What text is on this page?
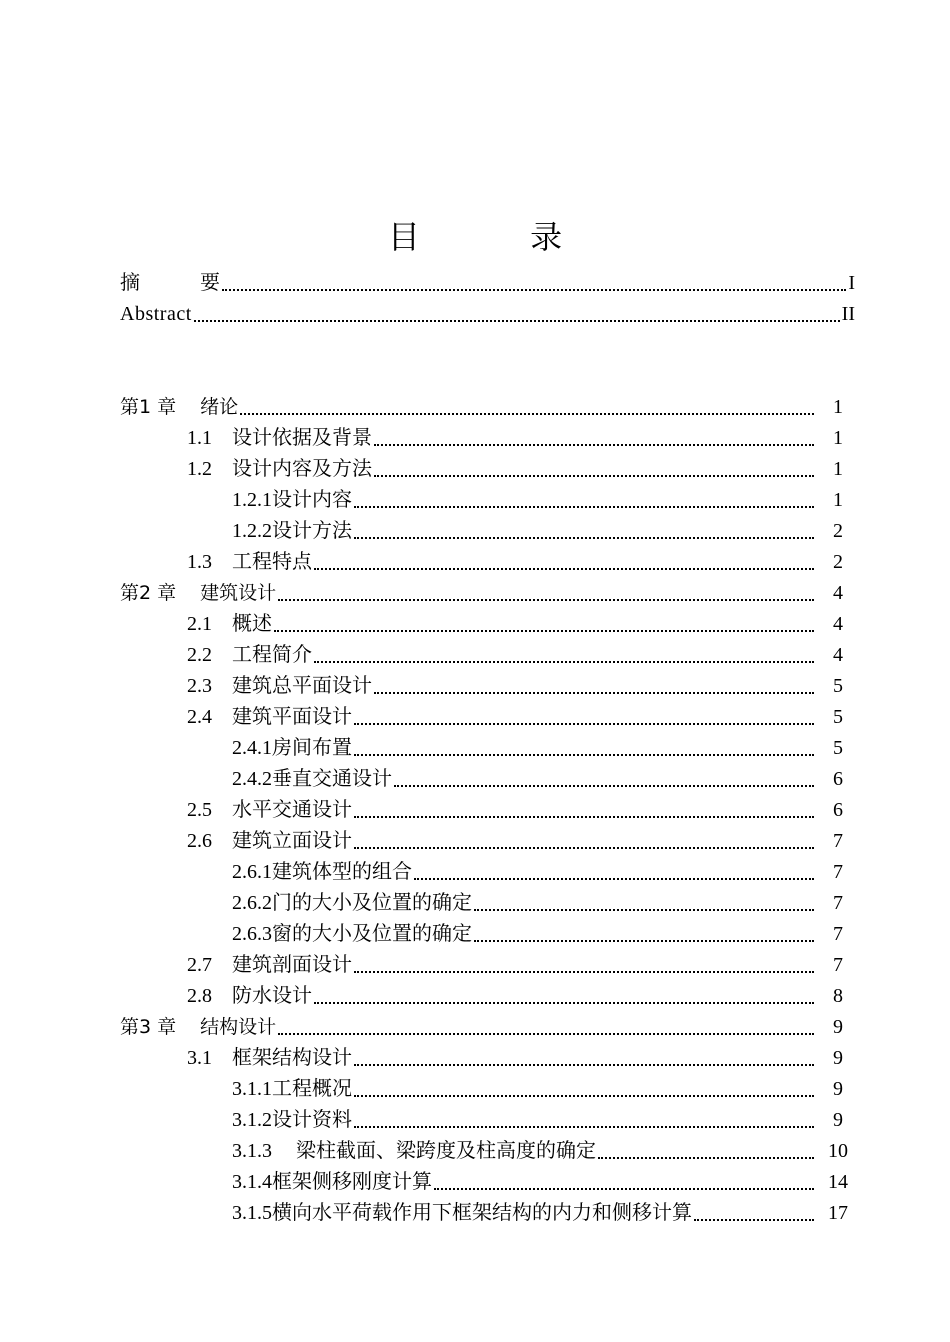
目 录
摘　　　要	I
Abstract	II
第1 章 绪论	1
1.1 设计依据及背景	1
1.2 设计内容及方法	1
1.2.1设计内容	1
1.2.2设计方法	2
1.3 工程特点	2
第2 章 建筑设计	4
2.1 概述	4
2.2 工程简介	4
2.3 建筑总平面设计	5
2.4 建筑平面设计	5
2.4.1房间布置	5
2.4.2垂直交通设计	6
2.5 水平交通设计	6
2.6 建筑立面设计	7
2.6.1建筑体型的组合	7
2.6.2门的大小及位置的确定	7
2.6.3窗的大小及位置的确定	7
2.7 建筑剖面设计	7
2.8 防水设计	8
第3 章 结构设计	9
3.1 框架结构设计	9
3.1.1工程概况	9
3.1.2设计资料	9
3.1.3 梁柱截面、梁跨度及柱高度的确定	10
3.1.4框架侧移刚度计算	14
3.1.5横向水平荷载作用下框架结构的内力和侧移计算	17
